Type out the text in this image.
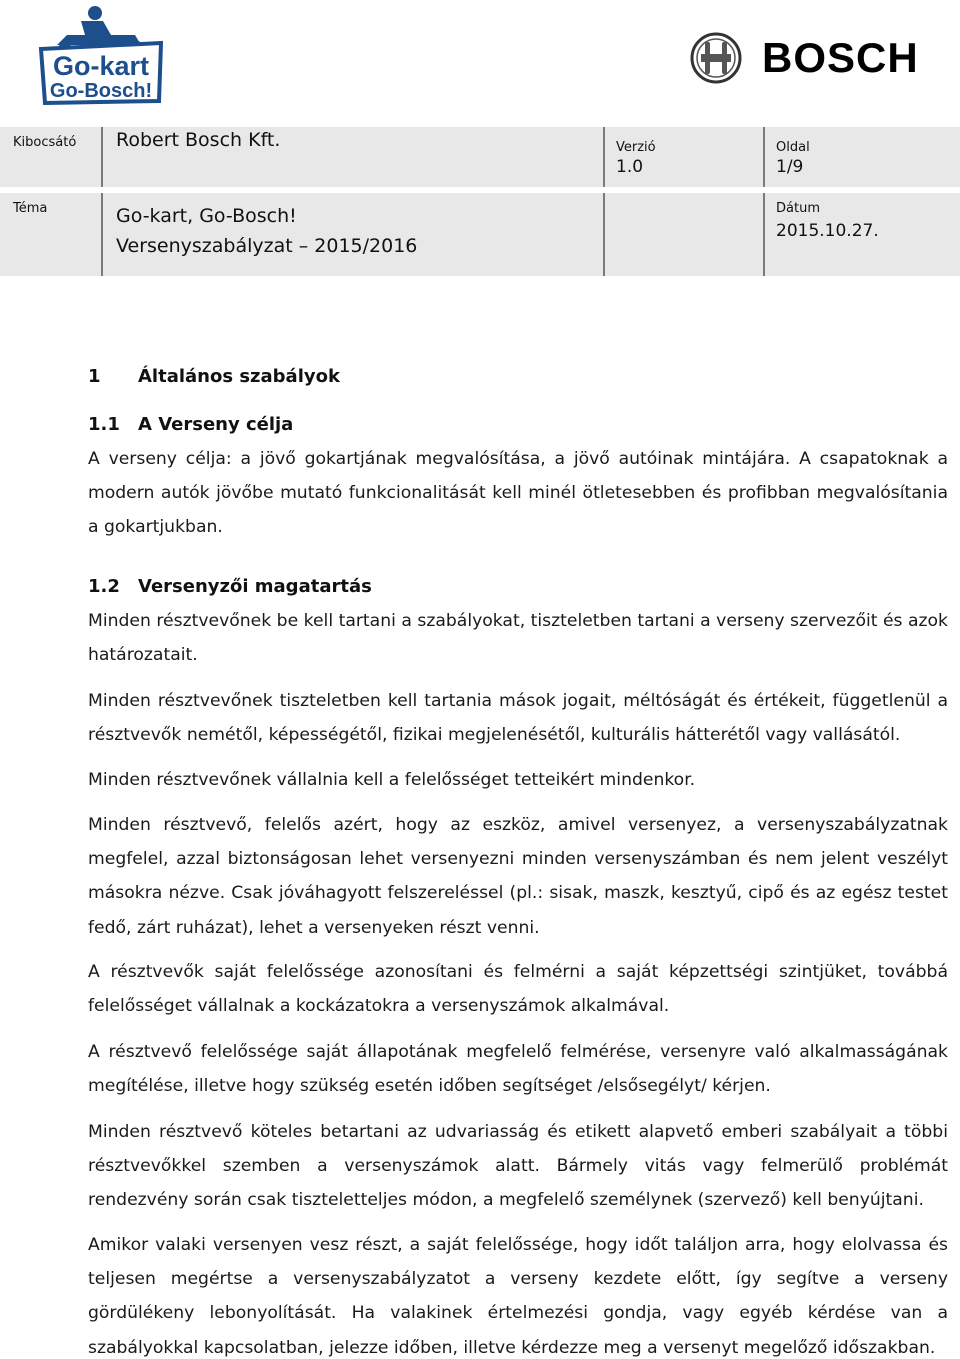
Go-kart
Go-Bosch!
BOSCH
Kibocsátó Robert Bosch Kft.	Verzió
1.0
Oldal
1/9
Téma	Go-kart, Go-Bosch!
Versenyszabályzat – 2015/2016
Dátum
2015.10.27.
1 Általános szabályok
1.1 A Verseny célja

A verseny célja: a jövő gokartjának megvalósítása, a jövő autóinak mintájára. A csapatoknak a modern autók jövőbe mutató funkcionalitását kell minél ötletesebben és profibban megvalósítania a gokartjukban.

1.2 Versenyzői magatartás

Minden résztvevőnek be kell tartani a szabályokat, tiszteletben tartani a verseny szervezőit és azok határozatait.

Minden résztvevőnek tiszteletben kell tartania mások jogait, méltóságát és értékeit, függetlenül a résztvevők nemétől, képességétől, fizikai megjelenésétől, kulturális hátterétől vagy vallásától.

Minden résztvevőnek vállalnia kell a felelősséget tetteikért mindenkor.

Minden résztvevő, felelős azért, hogy az eszköz, amivel versenyez, a versenyszabályzatnak megfelel, azzal biztonságosan lehet versenyezni minden versenyszámban és nem jelent veszélyt másokra nézve. Csak jóváhagyott felszereléssel (pl.: sisak, maszk, kesztyű, cipő és az egész testet fedő, zárt ruházat), lehet a versenyeken részt venni.

A résztvevők saját felelőssége azonosítani és felmérni a saját képzettségi szintjüket, továbbá felelősséget vállalnak a kockázatokra a versenyszámok alkalmával.

A résztvevő felelőssége saját állapotának megfelelő felmérése, versenyre való alkalmasságának megítélése, illetve hogy szükség esetén időben segítséget /elsősegélyt/ kérjen.

Minden résztvevő köteles betartani az udvariasság és etikett alapvető emberi szabályait a többi résztvevőkkel szemben a versenyszámok alatt. Bármely vitás vagy felmerülő problémát rendezvény során csak tiszteletteljes módon, a megfelelő személynek (szervező) kell benyújtani.

Amikor valaki versenyen vesz részt, a saját felelőssége, hogy időt találjon arra, hogy elolvassa és teljesen megértse a versenyszabályzatot a verseny kezdete előtt, így segítve a verseny gördülékeny lebonyolítását. Ha valakinek értelmezési gondja, vagy egyéb kérdése van a szabályokkal kapcsolatban, jelezze időben, illetve kérdezze meg a versenyt megelőző időszakban.
